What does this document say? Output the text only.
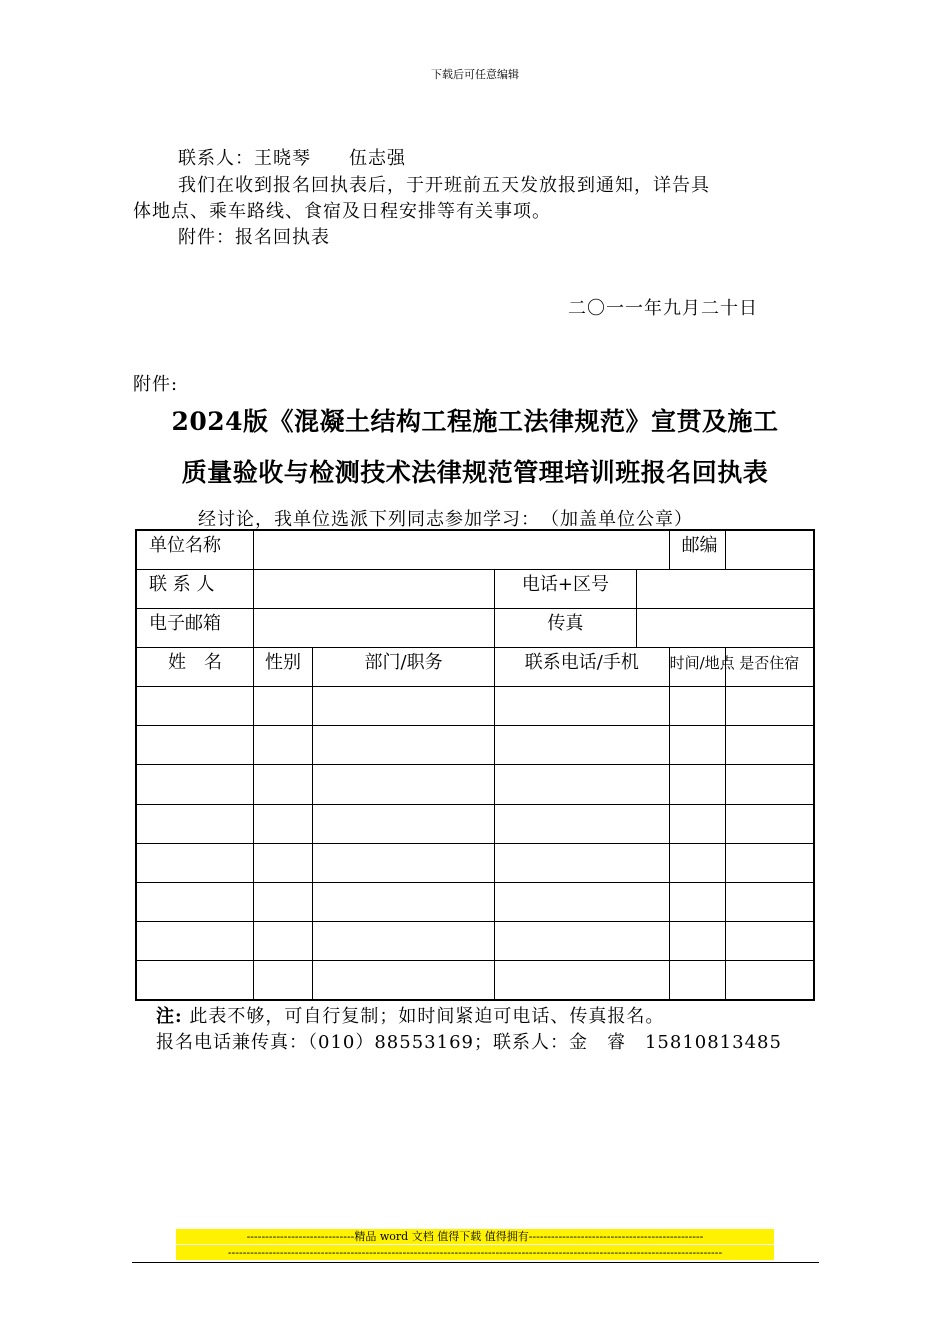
下载后可任意编辑
联系人：王晓琴　　伍志强
我们在收到报名回执表后，于开班前五天发放报到通知，详告具
体地点、乘车路线、食宿及日程安排等有关事项。
附件：报名回执表
二〇一一年九月二十日
附件:
2024版《混凝土结构工程施工法律规范》宣贯及施工
质量验收与检测技术法律规范管理培训班报名回执表
经讨论，我单位选派下列同志参加学习：　（加盖单位公章）
单位名称					邮编	
联 系 人			电话+区号			
电子邮箱			传真			
姓　名	性别	部门/职务	联系电话/手机		时间/地点	是否住宿

注: 此表不够，可自行复制；如时间紧迫可电话、传真报名。
报名电话兼传真：（010）88553169；联系人：金　睿　15810813485
-----------------------------精品 word 文档 值得下载 值得拥有-----------------------------------------------
-------------------------------------------------------------------------------------------------------------------------------------
